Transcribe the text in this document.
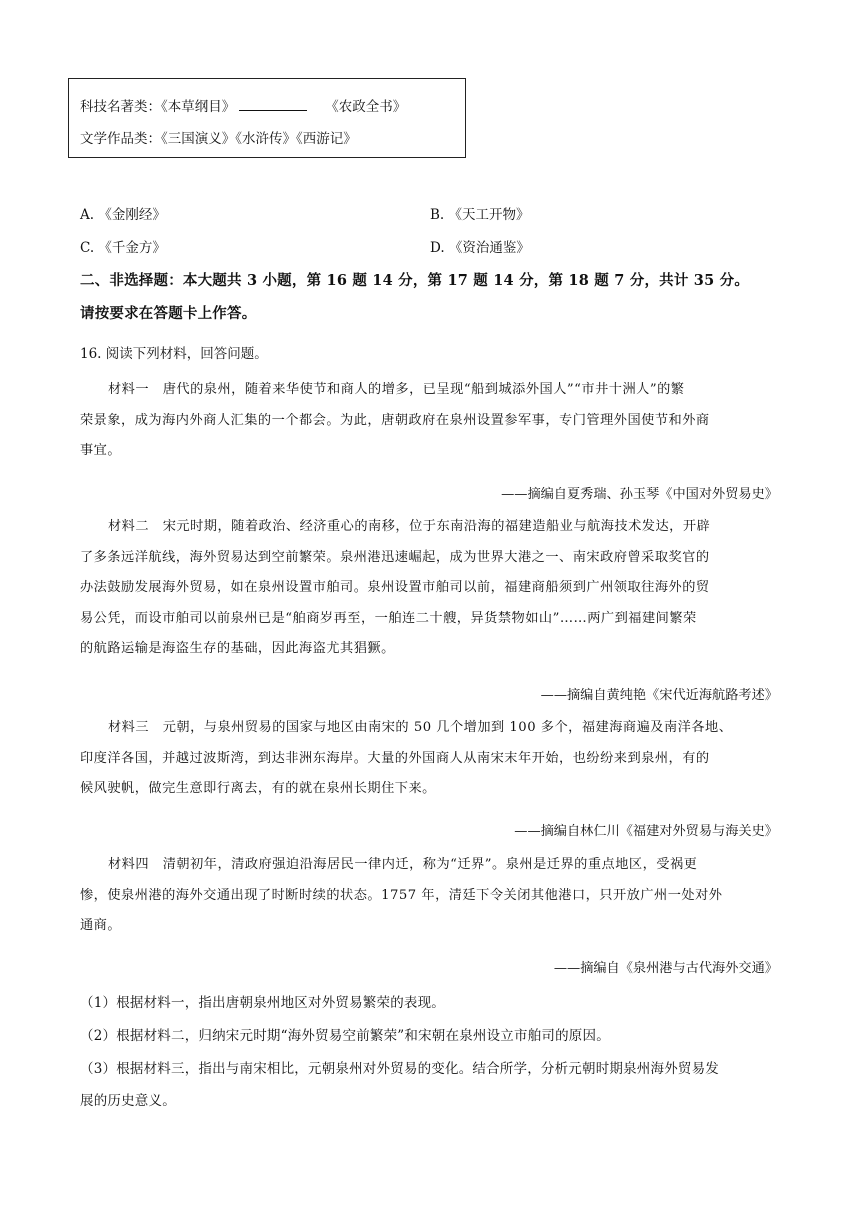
科技名著类：《本草纲目》	《农政全书》
文学作品类：《三国演义》《水浒传》《西游记》
A. 《金刚经》	B. 《天工开物》
C. 《千金方》	D. 《资治通鉴》
二、非选择题：本大题共 3 小题，第 16 题 14 分，第 17 题 14 分，第 18 题 7 分，共计 35 分。
请按要求在答题卡上作答。
16. 阅读下列材料，回答问题。
材料一　唐代的泉州，随着来华使节和商人的增多，已呈现“船到城添外国人”“市井十洲人”的繁
荣景象，成为海内外商人汇集的一个都会。为此，唐朝政府在泉州设置参军事，专门管理外国使节和外商
事宜。
——摘编自夏秀瑞、孙玉琴《中国对外贸易史》
材料二　宋元时期，随着政治、经济重心的南移，位于东南沿海的福建造船业与航海技术发达，开辟
了多条远洋航线，海外贸易达到空前繁荣。泉州港迅速崛起，成为世界大港之一、南宋政府曾采取奖官的
办法鼓励发展海外贸易，如在泉州设置市舶司。泉州设置市舶司以前，福建商船须到广州领取往海外的贸
易公凭，而设市舶司以前泉州已是“舶商岁再至，一舶连二十艘，异货禁物如山”……两广到福建间繁荣
的航路运输是海盗生存的基础，因此海盗尤其猖獗。
——摘编自黄纯艳《宋代近海航路考述》
材料三　元朝，与泉州贸易的国家与地区由南宋的 50 几个增加到 100 多个，福建海商遍及南洋各地、
印度洋各国，并越过波斯湾，到达非洲东海岸。大量的外国商人从南宋末年开始，也纷纷来到泉州，有的
候风驶帆，做完生意即行离去，有的就在泉州长期住下来。
——摘编自林仁川《福建对外贸易与海关史》
材料四　清朝初年，清政府强迫沿海居民一律内迁，称为“迁界”。泉州是迁界的重点地区，受祸更
惨，使泉州港的海外交通出现了时断时续的状态。1757 年，清廷下令关闭其他港口，只开放广州一处对外
通商。
——摘编自《泉州港与古代海外交通》
（1）根据材料一，指出唐朝泉州地区对外贸易繁荣的表现。
（2）根据材料二，归纳宋元时期“海外贸易空前繁荣”和宋朝在泉州设立市舶司的原因。
（3）根据材料三，指出与南宋相比，元朝泉州对外贸易的变化。结合所学，分析元朝时期泉州海外贸易发
展的历史意义。
